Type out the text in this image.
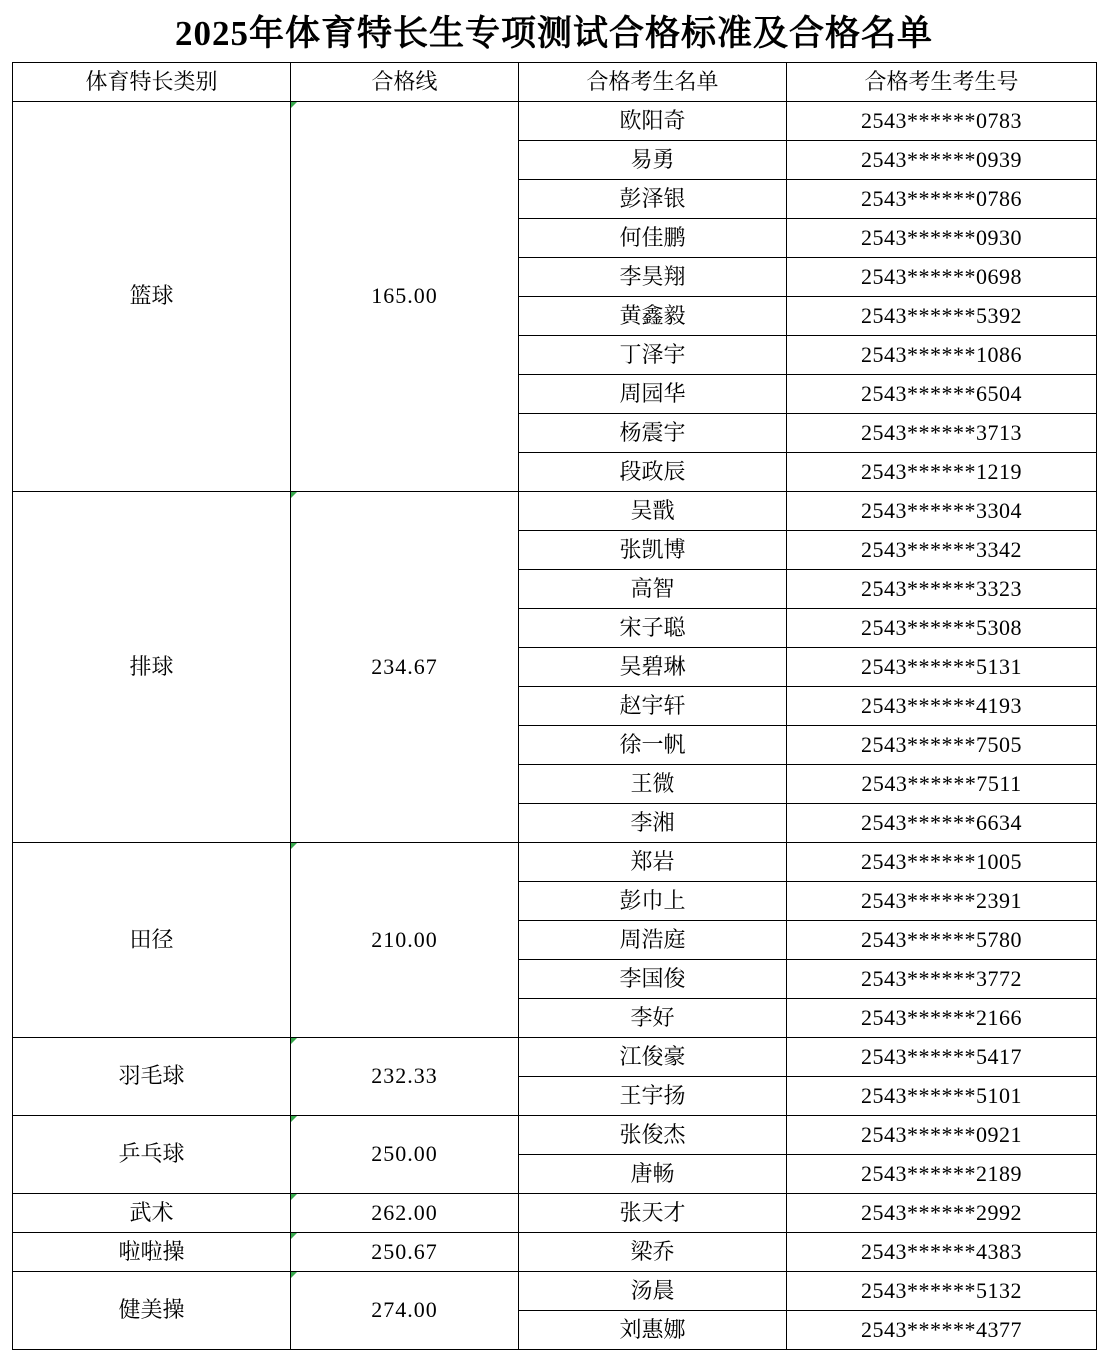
2025年体育特长生专项测试合格标准及合格名单
体育特长类别	合格线	合格考生名单	合格考生考生号
篮球	165.00	欧阳奇	2543******0783
		易勇	2543******0939
		彭泽银	2543******0786
		何佳鹏	2543******0930
		李昊翔	2543******0698
		黄鑫毅	2543******5392
		丁泽宇	2543******1086
		周园华	2543******6504
		杨震宇	2543******3713
		段政辰	2543******1219
排球	234.67	吴戬	2543******3304
		张凯博	2543******3342
		高智	2543******3323
		宋子聪	2543******5308
		吴碧琳	2543******5131
		赵宇轩	2543******4193
		徐一帆	2543******7505
		王微	2543******7511
		李湘	2543******6634
田径	210.00	郑岩	2543******1005
		彭巾上	2543******2391
		周浩庭	2543******5780
		李国俊	2543******3772
		李好	2543******2166
羽毛球	232.33	江俊豪	2543******5417
		王宇扬	2543******5101
乒乓球	250.00	张俊杰	2543******0921
		唐畅	2543******2189
武术	262.00	张天才	2543******2992
啦啦操	250.67	梁乔	2543******4383
健美操	274.00	汤晨	2543******5132
		刘惠娜	2543******4377
